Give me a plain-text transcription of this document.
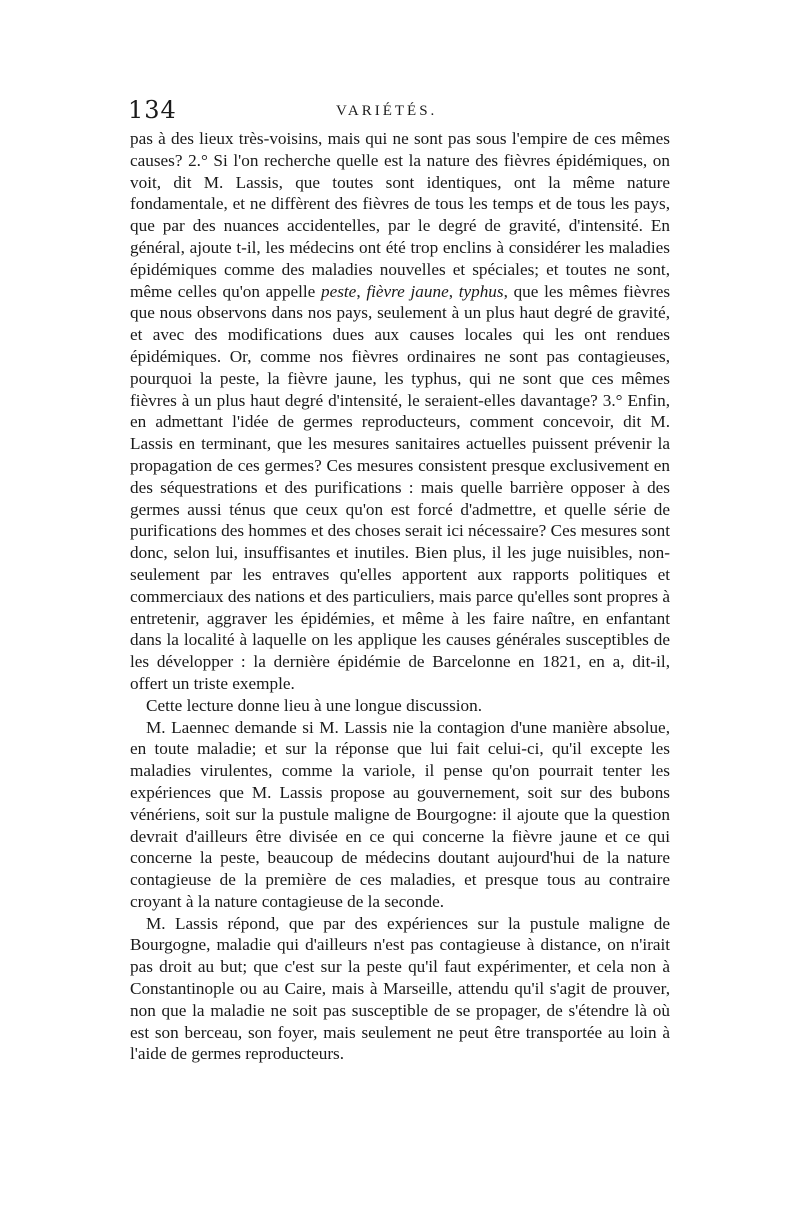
134	VARIÉTÉS.

pas à des lieux très-voisins, mais qui ne sont pas sous l'empire de ces mêmes causes? 2.° Si l'on recherche quelle est la nature des fièvres épidémiques, on voit, dit M. Lassis, que toutes sont identiques, ont la même nature fondamentale, et ne diffèrent des fièvres de tous les temps et de tous les pays, que par des nuances accidentelles, par le degré de gravité, d'intensité. En général, ajoute t-il, les médecins ont été trop enclins à considérer les maladies épidémiques comme des maladies nouvelles et spéciales; et toutes ne sont, même celles qu'on appelle peste, fièvre jaune, typhus, que les mêmes fièvres que nous observons dans nos pays, seulement à un plus haut degré de gravité, et avec des modifications dues aux causes locales qui les ont rendues épidémiques. Or, comme nos fièvres ordinaires ne sont pas contagieuses, pourquoi la peste, la fièvre jaune, les typhus, qui ne sont que ces mêmes fièvres à un plus haut degré d'intensité, le seraient-elles davantage? 3.° Enfin, en admettant l'idée de germes reproducteurs, comment concevoir, dit M. Lassis en terminant, que les mesures sanitaires actuelles puissent prévenir la propagation de ces germes? Ces mesures consistent presque exclusivement en des séquestrations et des purifications : mais quelle barrière opposer à des germes aussi ténus que ceux qu'on est forcé d'admettre, et quelle série de purifications des hommes et des choses serait ici nécessaire? Ces mesures sont donc, selon lui, insuffisantes et inutiles. Bien plus, il les juge nuisibles, non-seulement par les entraves qu'elles apportent aux rapports politiques et commerciaux des nations et des particuliers, mais parce qu'elles sont propres à entretenir, aggraver les épidémies, et même à les faire naître, en enfantant dans la localité à laquelle on les applique les causes générales susceptibles de les développer : la dernière épidémie de Barcelonne en 1821, en a, dit-il, offert un triste exemple.

Cette lecture donne lieu à une longue discussion.

M. Laennec demande si M. Lassis nie la contagion d'une manière absolue, en toute maladie; et sur la réponse que lui fait celui-ci, qu'il excepte les maladies virulentes, comme la variole, il pense qu'on pourrait tenter les expériences que M. Lassis propose au gouvernement, soit sur des bubons vénériens, soit sur la pustule maligne de Bourgogne: il ajoute que la question devrait d'ailleurs être divisée en ce qui concerne la fièvre jaune et ce qui concerne la peste, beaucoup de médecins doutant aujourd'hui de la nature contagieuse de la première de ces maladies, et presque tous au contraire croyant à la nature contagieuse de la seconde.

M. Lassis répond, que par des expériences sur la pustule maligne de Bourgogne, maladie qui d'ailleurs n'est pas contagieuse à distance, on n'irait pas droit au but; que c'est sur la peste qu'il faut expérimenter, et cela non à Constantinople ou au Caire, mais à Marseille, attendu qu'il s'agit de prouver, non que la maladie ne soit pas susceptible de se propager, de s'étendre là où est son berceau, son foyer, mais seulement ne peut être transportée au loin à l'aide de germes reproducteurs.
